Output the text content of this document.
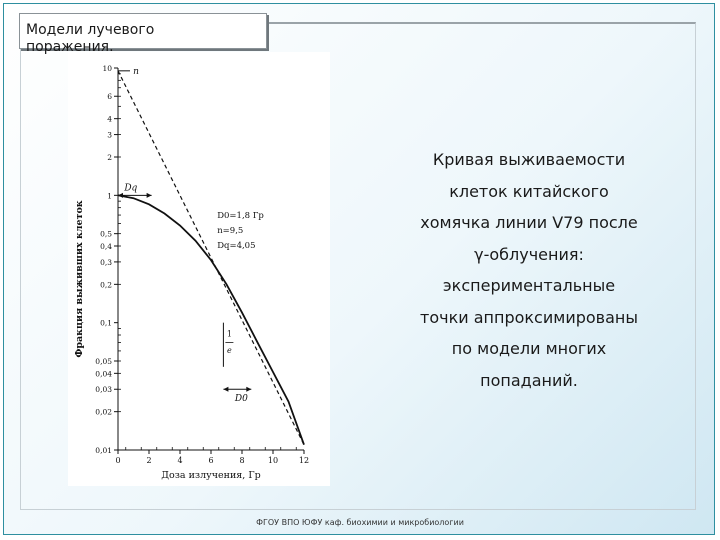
Модели лучевого поражения.
0,01
0,02
0,03
0,04
0,05
0,1
0,2
0,3
0,4
0,5
1
2
3
4
6
10
0	2	4	6	8	10	12
Доза излучения, Гр
Фракция выживших клеток
n
Dq
D0=1,8 Гр
n=9,5
Dq=4,05
1
e
D0
Кривая выживаемости
клеток китайского
хомячка линии V79 после
γ-облучения:
экспериментальные
точки аппроксимированы
по модели многих
попаданий.
ФГОУ ВПО ЮФУ каф. биохимии и микробиологии
